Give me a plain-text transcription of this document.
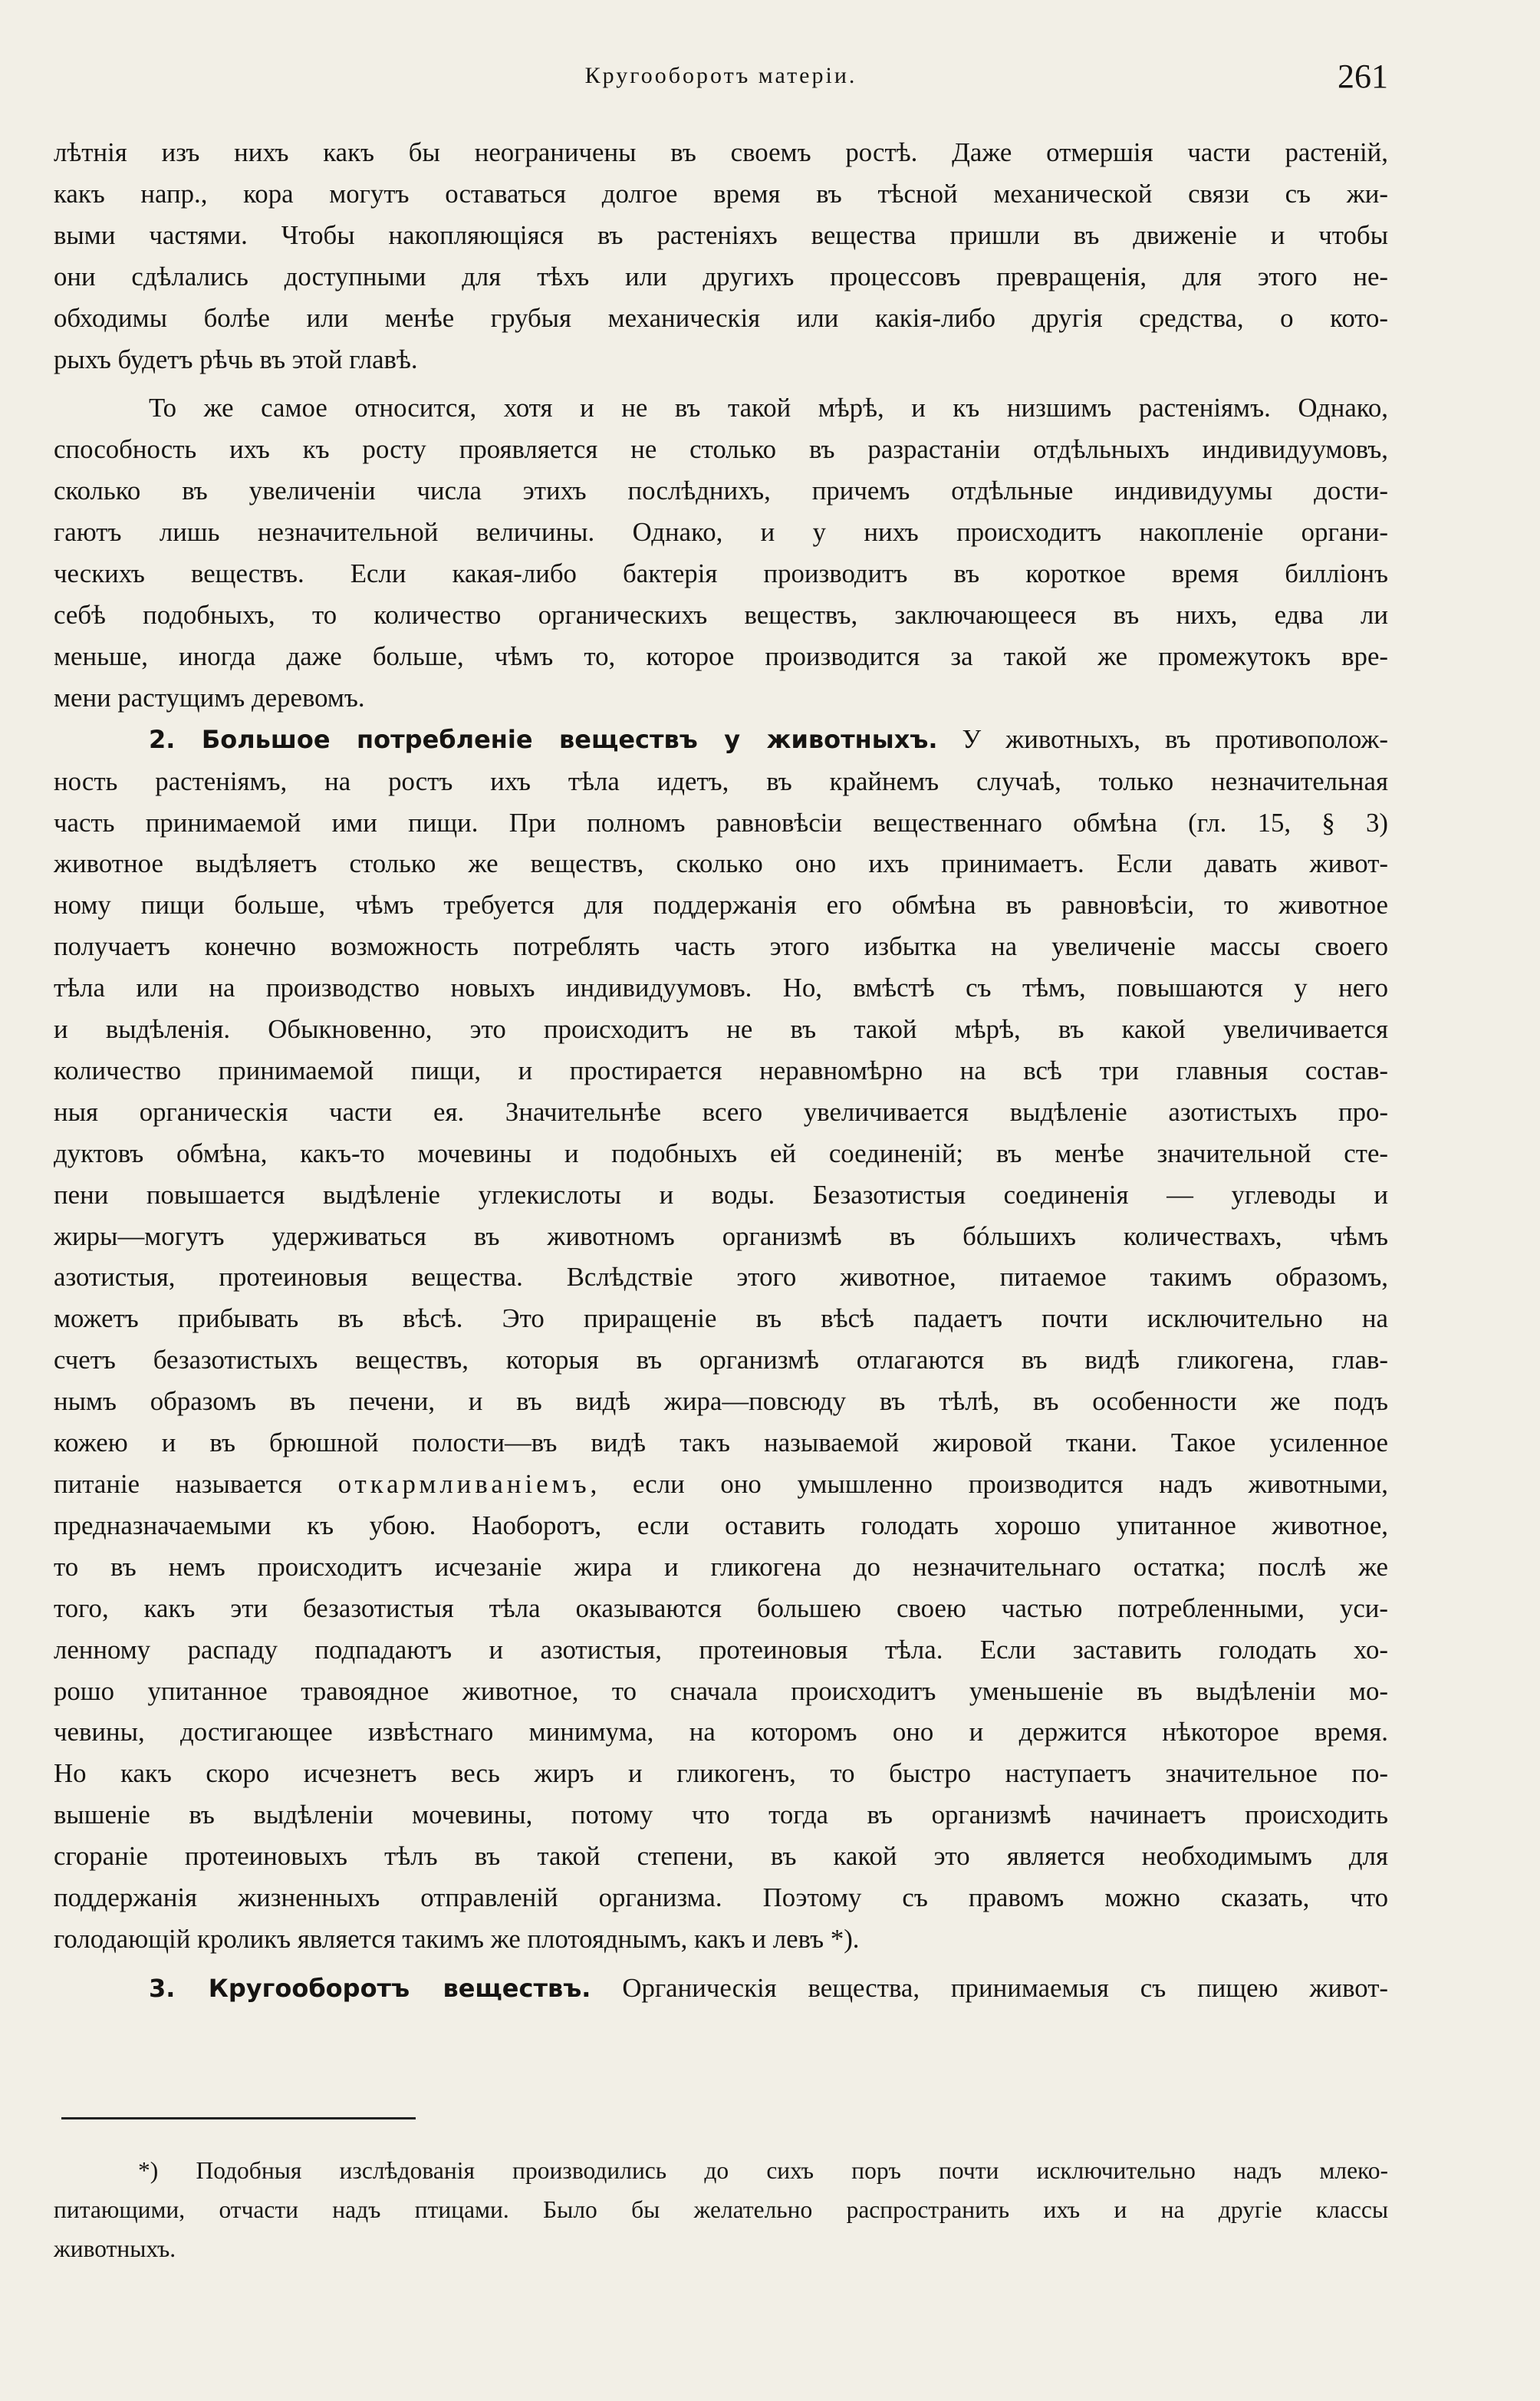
Кругооборотъ матерiи.	261

лѣтнія изъ нихъ какъ бы неограничены въ своемъ ростѣ. Даже отмершія части растеній,

какъ напр., кора могутъ оставаться долгое время въ тѣсной механической связи съ жи-

выми частями. Чтобы накопляющіяся въ растеніяхъ вещества пришли въ движеніе и чтобы

они сдѣлались доступными для тѣхъ или другихъ процессовъ превращенія, для этого не-

обходимы болѣе или менѣе грубыя механическія или какія-либо другія средства, о кото-

рыхъ будетъ рѣчь въ этой главѣ.

То же самое относится, хотя и не въ такой мѣрѣ, и къ низшимъ растеніямъ. Однако,

способность ихъ къ росту проявляется не столько въ разрастаніи отдѣльныхъ индивидуумовъ,

сколько въ увеличеніи числа этихъ послѣднихъ, причемъ отдѣльные индивидуумы дости-

гаютъ лишь незначительной величины. Однако, и у нихъ происходитъ накопленіе органи-

ческихъ веществъ. Если какая-либо бактерія производитъ въ короткое время билліонъ

себѣ подобныхъ, то количество органическихъ веществъ, заключающееся въ нихъ, едва ли

меньше, иногда даже больше, чѣмъ то, которое производится за такой же промежутокъ вре-

мени растущимъ деревомъ.

2. Большое потребленіе веществъ у животныхъ. У животныхъ, въ противополож-

ность растеніямъ, на ростъ ихъ тѣла идетъ, въ крайнемъ случаѣ, только незначительная

часть принимаемой ими пищи. При полномъ равновѣсіи вещественнаго обмѣна (гл. 15, § 3)

животное выдѣляетъ столько же веществъ, сколько оно ихъ принимаетъ. Если давать живот-

ному пищи больше, чѣмъ требуется для поддержанія его обмѣна въ равновѣсіи, то животное

получаетъ конечно возможность потреблять часть этого избытка на увеличеніе массы своего

тѣла или на производство новыхъ индивидуумовъ. Но, вмѣстѣ съ тѣмъ, повышаются у него

и выдѣленія. Обыкновенно, это происходитъ не въ такой мѣрѣ, въ какой увеличивается

количество принимаемой пищи, и простирается неравномѣрно на всѣ три главныя состав-

ныя органическія части ея. Значительнѣе всего увеличивается выдѣленіе азотистыхъ про-

дуктовъ обмѣна, какъ-то мочевины и подобныхъ ей соединеній; въ менѣе значительной сте-

пени повышается выдѣленіе углекислоты и воды. Безазотистыя соединенія — углеводы и

жиры—могутъ удерживаться въ животномъ организмѣ въ бóльшихъ количествахъ, чѣмъ

азотистыя, протеиновыя вещества. Вслѣдствіе этого животное, питаемое такимъ образомъ,

можетъ прибывать въ вѣсѣ. Это приращеніе въ вѣсѣ падаетъ почти исключительно на

счетъ безазотистыхъ веществъ, которыя въ организмѣ отлагаются въ видѣ гликогена, глав-

нымъ образомъ въ печени, и въ видѣ жира—повсюду въ тѣлѣ, въ особенности же подъ

кожею и въ брюшной полости—въ видѣ такъ называемой жировой ткани. Такое усиленное

питаніе называется откармливаніемъ, если оно умышленно производится надъ животными,

предназначаемыми къ убою. Наоборотъ, если оставить голодать хорошо упитанное животное,

то въ немъ происходитъ исчезаніе жира и гликогена до незначительнаго остатка; послѣ же

того, какъ эти безазотистыя тѣла оказываются большею своею частью потребленными, уси-

ленному распаду подпадаютъ и азотистыя, протеиновыя тѣла. Если заставить голодать хо-

рошо упитанное травоядное животное, то сначала происходитъ уменьшеніе въ выдѣленіи мо-

чевины, достигающее извѣстнаго минимума, на которомъ оно и держится нѣкоторое время.

Но какъ скоро исчезнетъ весь жиръ и гликогенъ, то быстро наступаетъ значительное по-

вышеніе въ выдѣленіи мочевины, потому что тогда въ организмѣ начинаетъ происходить

сгораніе протеиновыхъ тѣлъ въ такой степени, въ какой это является необходимымъ для

поддержанія жизненныхъ отправленій организма. Поэтому съ правомъ можно сказать, что

голодающій кроликъ является такимъ же плотояднымъ, какъ и левъ *).

3. Кругооборотъ веществъ. Органическія вещества, принимаемыя съ пищею живот-

*) Подобныя изслѣдованія производились до сихъ поръ почти исключительно надъ млеко-

питающими, отчасти надъ птицами. Было бы желательно распространить ихъ и на другіе классы

животныхъ.
